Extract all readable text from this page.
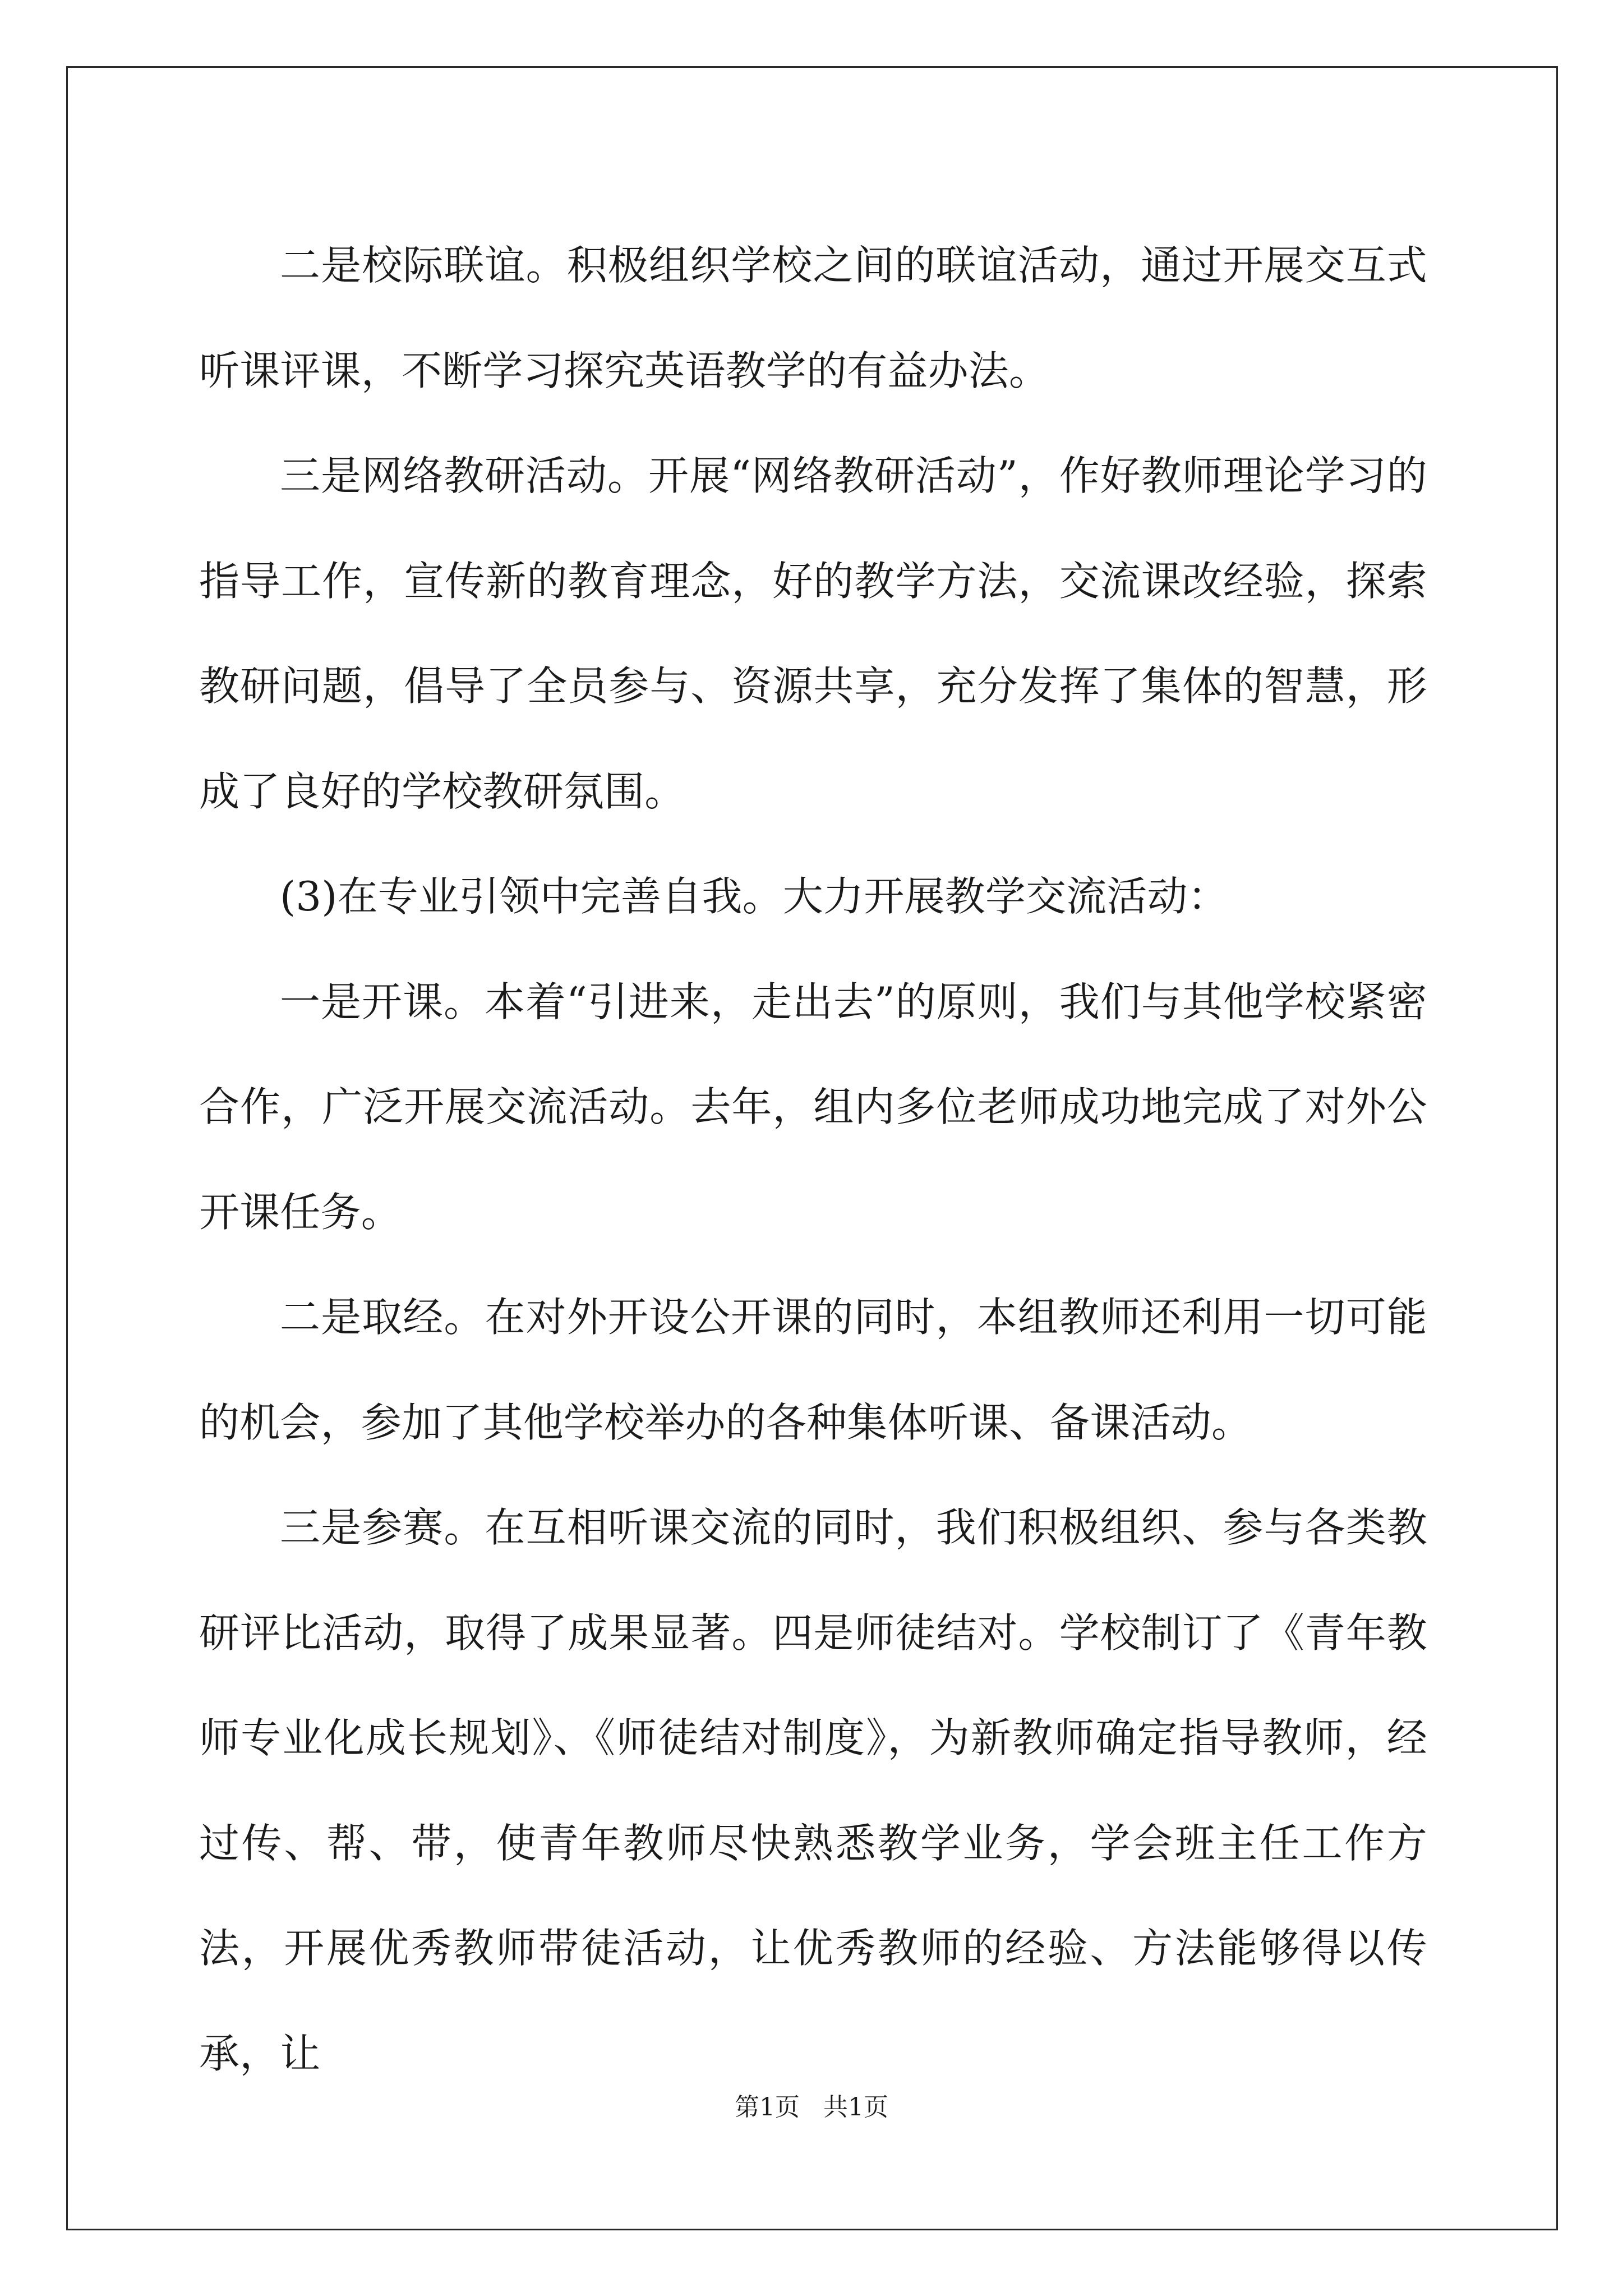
二是校际联谊。积极组织学校之间的联谊活动，通过开展交互式听课评课，不断学习探究英语教学的有益办法。

三是网络教研活动。开展“网络教研活动”，作好教师理论学习的指导工作，宣传新的教育理念，好的教学方法，交流课改经验，探索教研问题，倡导了全员参与、资源共享，充分发挥了集体的智慧，形成了良好的学校教研氛围。

(3)在专业引领中完善自我。大力开展教学交流活动：

一是开课。本着“引进来，走出去”的原则，我们与其他学校紧密合作，广泛开展交流活动。去年，组内多位老师成功地完成了对外公开课任务。

二是取经。在对外开设公开课的同时，本组教师还利用一切可能的机会，参加了其他学校举办的各种集体听课、备课活动。

三是参赛。在互相听课交流的同时，我们积极组织、参与各类教研评比活动，取得了成果显著。四是师徒结对。学校制订了《青年教师专业化成长规划》、《师徒结对制度》，为新教师确定指导教师，经过传、帮、带，使青年教师尽快熟悉教学业务，学会班主任工作方法，开展优秀教师带徒活动，让优秀教师的经验、方法能够得以传承，让

第1页   共1页
